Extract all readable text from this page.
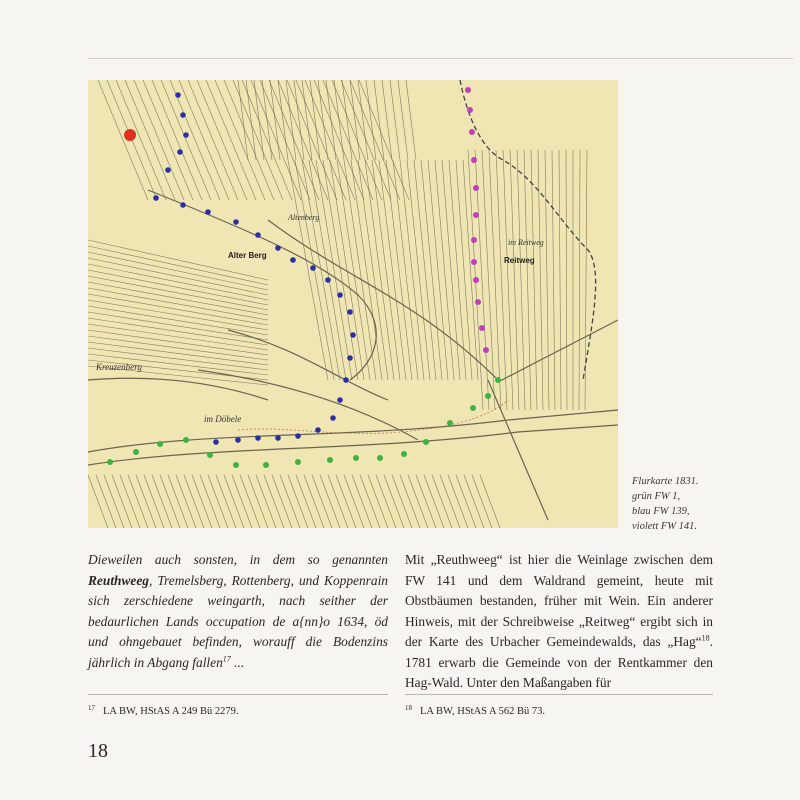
Alter Berg
Reitweg
im Reitweg
Altenberg
im Döbele
Kreuzenberg
Flurkarte 1831.
grün FW 1,
blau FW 139,
violett FW 141.
Dieweilen auch sonsten, in dem so genannten Reuthweeg, Tremelsberg, Rottenberg, und Koppenrain sich zerschiedene weingarth, nach seither der bedaurlichen Lands occupation de a{nn}o 1634, öd und ohngebauet befinden, worauff die Bodenzins jährlich in Abgang fallen$^{17}$ ...
Mit „Reuthweeg“ ist hier die Weinlage zwischen dem FW 141 und dem Waldrand gemeint, heute mit Obstbäumen bestanden, früher mit Wein. Ein anderer Hinweis, mit der Schreibweise „Reitweg“ ergibt sich in der Karte des Urbacher Gemeindewalds, das „Hag“$^{18}$. 1781 erwarb die Gemeinde von der Rentkammer den Hag-Wald. Unter den Maßangaben für
$^{17}$ LA BW, HStAS A 249 Bü 2279.	$^{18}$ LA BW, HStAS A 562 Bü 73.
18
